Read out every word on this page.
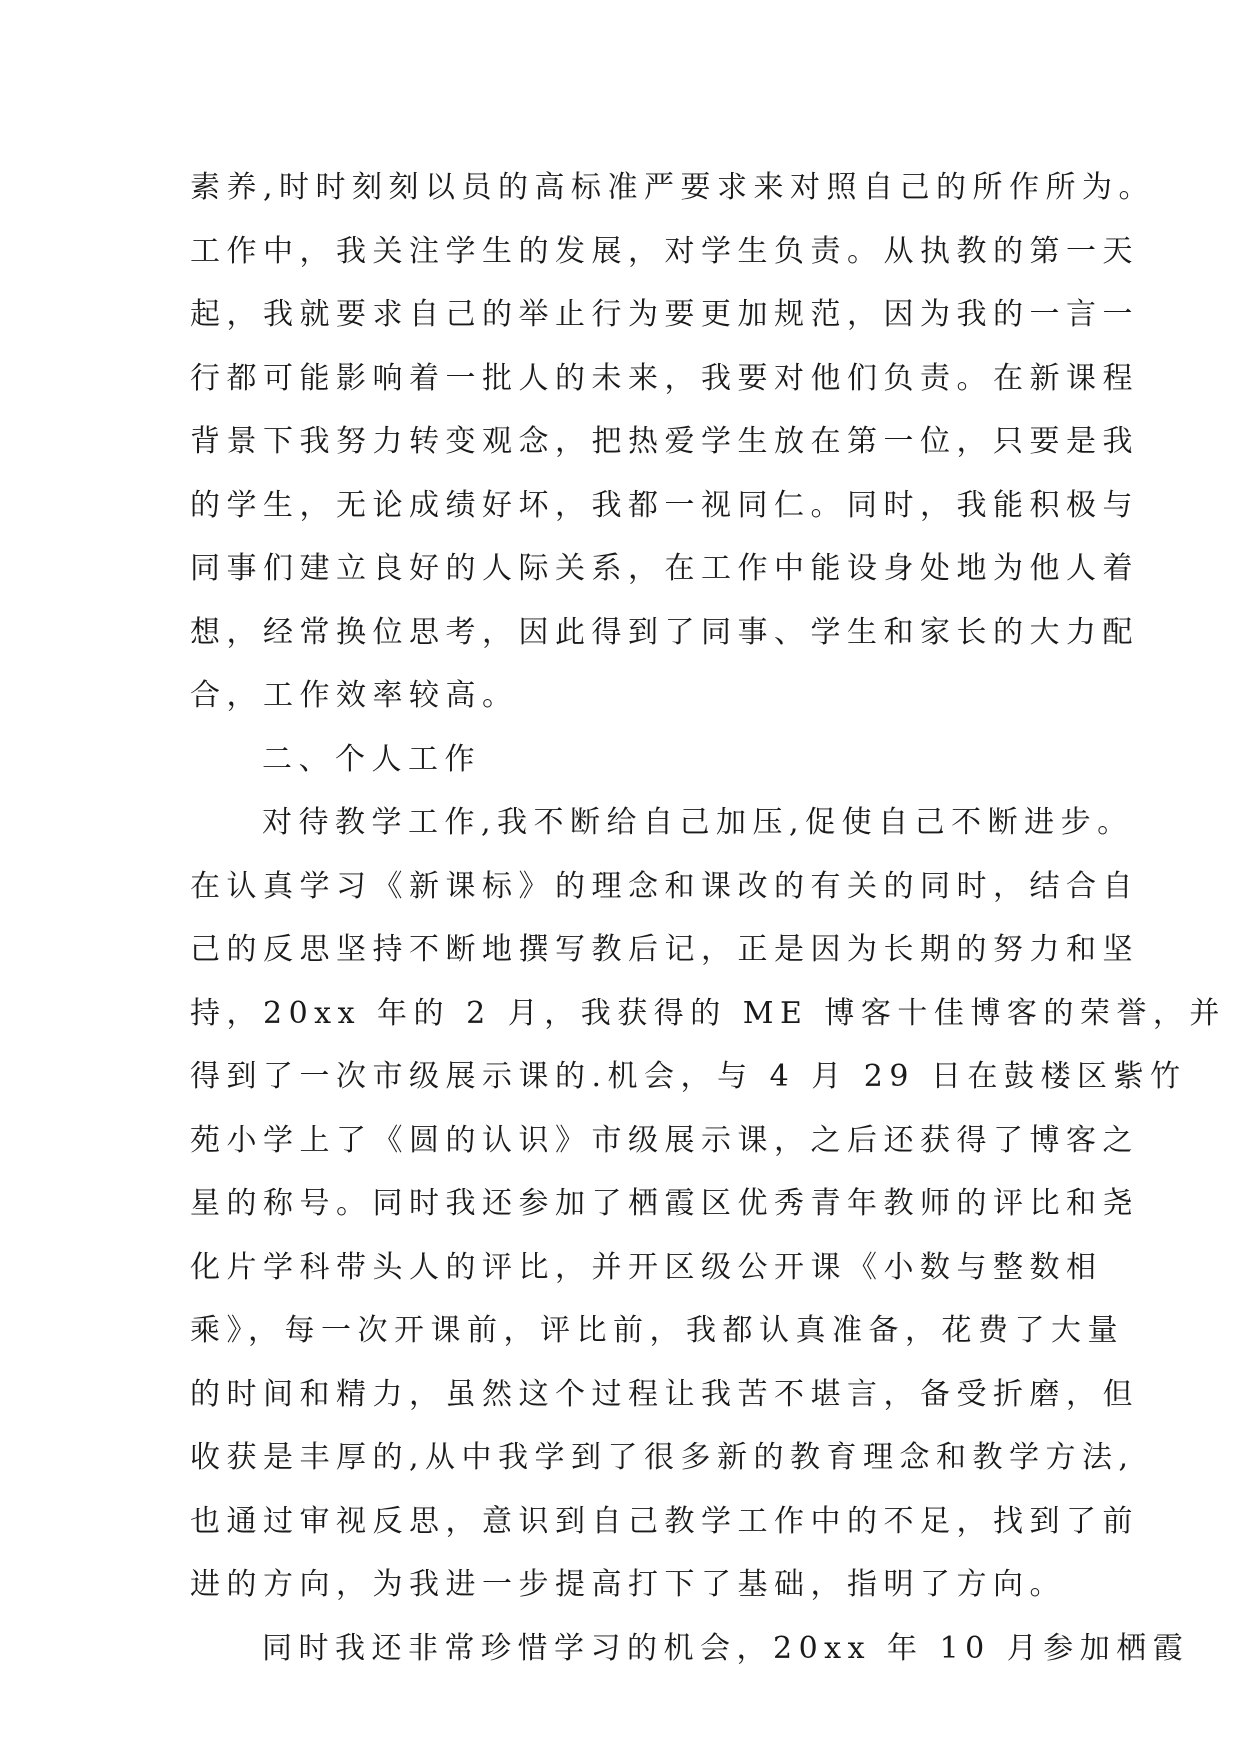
素养,时时刻刻以员的高标准严要求来对照自己的所作所为。
工作中，我关注学生的发展，对学生负责。从执教的第一天
起，我就要求自己的举止行为要更加规范，因为我的一言一
行都可能影响着一批人的未来，我要对他们负责。在新课程
背景下我努力转变观念，把热爱学生放在第一位，只要是我
的学生，无论成绩好坏，我都一视同仁。同时，我能积极与
同事们建立良好的人际关系，在工作中能设身处地为他人着
想，经常换位思考，因此得到了同事、学生和家长的大力配
合，工作效率较高。
二、个人工作
对待教学工作,我不断给自己加压,促使自己不断进步。
在认真学习《新课标》的理念和课改的有关的同时，结合自
己的反思坚持不断地撰写教后记，正是因为长期的努力和坚
持，20xx 年的 2 月，我获得的 ME 博客十佳博客的荣誉，并
得到了一次市级展示课的.机会，与 4 月 29 日在鼓楼区紫竹
苑小学上了《圆的认识》市级展示课，之后还获得了博客之
星的称号。同时我还参加了栖霞区优秀青年教师的评比和尧
化片学科带头人的评比，并开区级公开课《小数与整数相
乘》，每一次开课前，评比前，我都认真准备，花费了大量
的时间和精力，虽然这个过程让我苦不堪言，备受折磨，但
收获是丰厚的,从中我学到了很多新的教育理念和教学方法,
也通过审视反思，意识到自己教学工作中的不足，找到了前
进的方向，为我进一步提高打下了基础，指明了方向。
同时我还非常珍惜学习的机会，20xx 年 10 月参加栖霞
